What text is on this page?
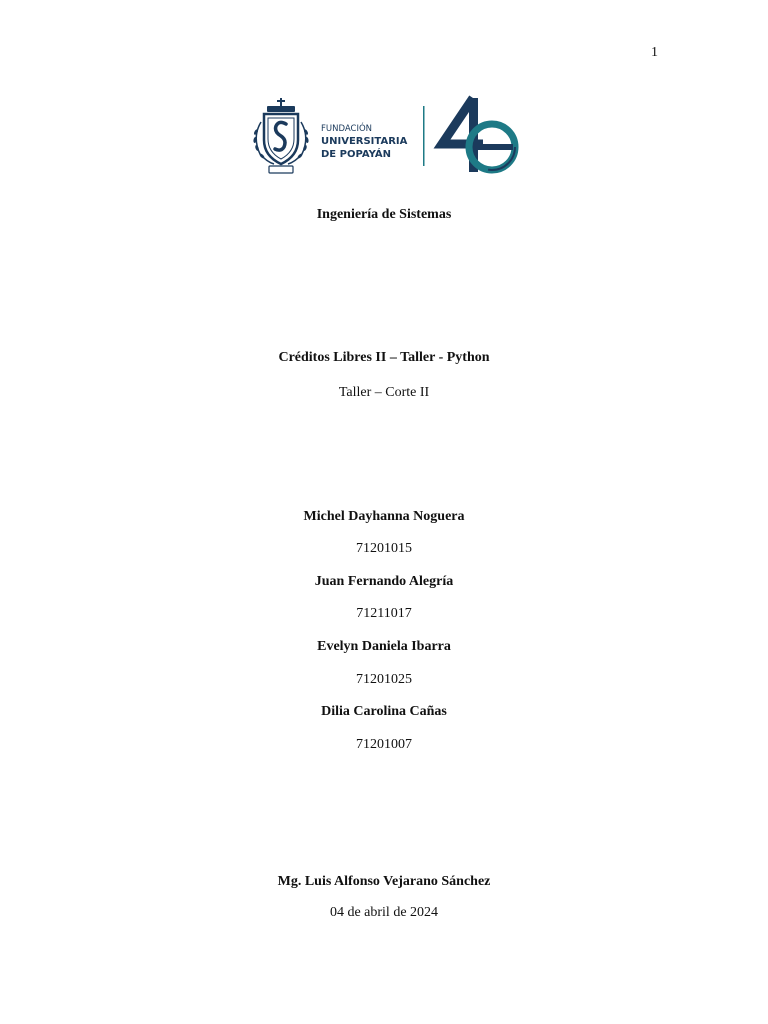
1
FUNDACIÓN
UNIVERSITARIA
DE POPAYÁN
Ingeniería de Sistemas
Créditos Libres II – Taller - Python
Taller – Corte II
Michel Dayhanna Noguera
71201015
Juan Fernando Alegría
71211017
Evelyn Daniela Ibarra
71201025
Dilia Carolina Cañas
71201007
Mg. Luis Alfonso Vejarano Sánchez
04 de abril de 2024
